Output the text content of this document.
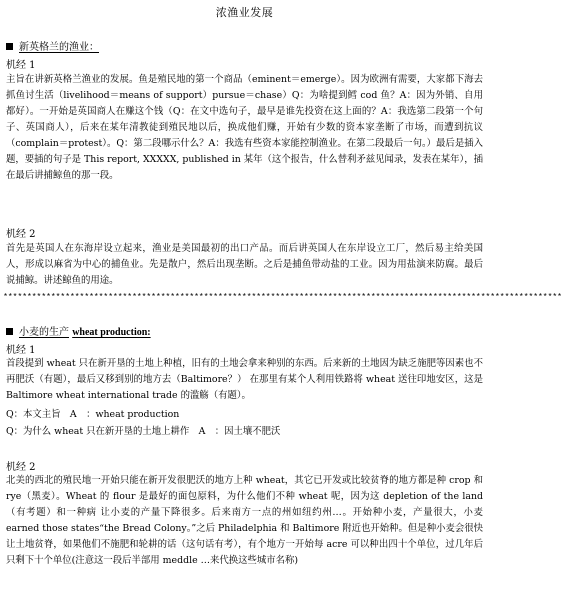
浓渔业发展
新英格兰的渔业：
机经 1
主旨在讲新英格兰渔业的发展。鱼是殖民地的第一个商品（eminent＝emerge）。因为欧洲有需要，大家都下海去抓鱼讨生活（livelihood＝means of support）pursue＝chase）Q：为啥提到鳕 cod 鱼？A：因为外销、自用都好）。一开始是英国商人在赚这个钱（Q：在文中选句子，最早是谁先投资在这上面的？A：我选第二段第一个句子、英国商人），后来在某年清教徒到殖民地以后，换成他们赚，开始有少数的资本家垄断了市场，而遭到抗议（complain＝protest）。Q：第二段哪示什么？A：我选有些资本家能控制渔业。在第二段最后一句。）最后是插入题，要插的句子是 This report, XXXXX, published in 某年（这个报告，什么替利矛兹见闻录，发表在某年），插在最后讲捕鲸鱼的那一段。
机经 2
首先是英国人在东海岸设立起来，渔业是美国最初的出口产品。而后讲英国人在东岸设立工厂，然后易主给美国人，形成以麻省为中心的捕鱼业。先是散户，然后出现垄断。之后是捕鱼带动盐的工业。因为用盐演来防腐。最后说捕鲸。讲述鲸鱼的用途。
*********************************************************************************************************************
小麦的生产 wheat production:
机经 1
首段提到 wheat 只在新开垦的土地上种植，旧有的土地会拿来种别的东西。后来新的土地因为缺乏施肥等因素也不再肥沃（有题），最后又移到别的地方去（Baltimore？） 在那里有某个人利用铁路将 wheat 送往印地安区，这是 Baltimore wheat international trade 的滥觞（有题）。
Q：本文主旨　A　：wheat production
Q：为什么 wheat 只在新开垦的土地上耕作　A　：因土壤不肥沃
机经 2
北美的西北的殖民地一开始只能在新开发很肥沃的地方上种 wheat，其它已开发或比较贫脊的地方都是种 crop 和 rye（黑麦）。Wheat 的 flour 是最好的面包原料，为什么他们不种 wheat 呢，因为这 depletion of the land（有考题）和一种病 让小麦的产量下降很多。后来南方一点的州如纽约州…。开始种小麦，产量很大，小麦 earned those states“the Bread Colony。”之后 Philadelphia 和 Baltimore 附近也开始种。但是种小麦会很快让土地贫脊，如果他们不施肥和轮耕的话（这句话有考），有个地方一开始每 acre 可以种出四十个单位，过几年后只剩下十个单位(注意这一段后半部用 meddle …来代换这些城市名称)
